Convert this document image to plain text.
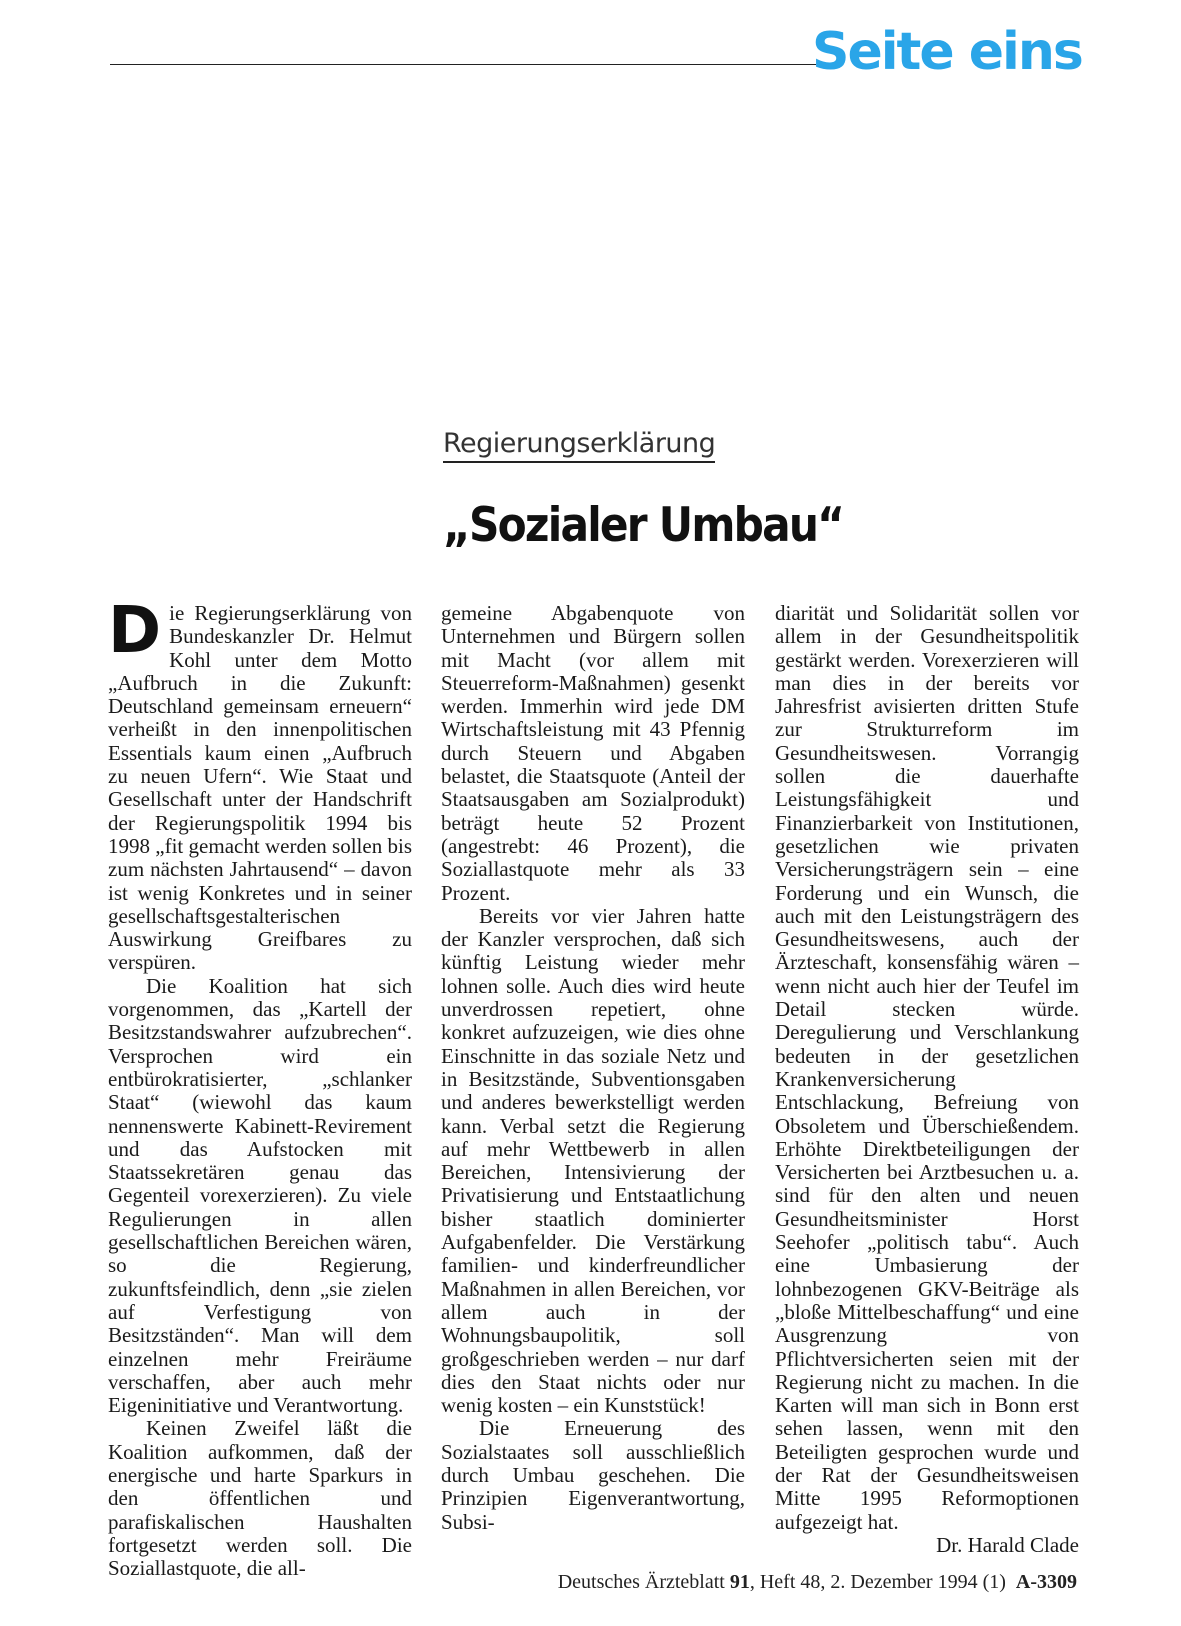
Seite eins
Regierungserklärung
„Sozialer Umbau“

Die Regierungserklärung von Bundeskanzler Dr. Helmut Kohl unter dem Motto „Aufbruch in die Zukunft: Deutschland gemeinsam erneuern“ verheißt in den innenpolitischen Essentials kaum einen „Aufbruch zu neuen Ufern“. Wie Staat und Gesellschaft unter der Handschrift der Regierungspolitik 1994 bis 1998 „fit gemacht werden sollen bis zum nächsten Jahrtausend“ – davon ist wenig Konkretes und in seiner gesellschaftsgestalterischen Auswirkung Greifbares zu verspüren.

Die Koalition hat sich vorgenommen, das „Kartell der Besitzstandswahrer aufzubrechen“. Versprochen wird ein entbürokratisierter, „schlanker Staat“ (wiewohl das kaum nennenswerte Kabinett-Revirement und das Aufstocken mit Staatssekretären genau das Gegenteil vorexerzieren). Zu viele Regulierungen in allen gesellschaftlichen Bereichen wären, so die Regierung, zukunftsfeindlich, denn „sie zielen auf Verfestigung von Besitzständen“. Man will dem einzelnen mehr Freiräume verschaffen, aber auch mehr Eigeninitiative und Verantwortung.

Keinen Zweifel läßt die Koalition aufkommen, daß der energische und harte Sparkurs in den öffentlichen und parafiskalischen Haushalten fortgesetzt werden soll. Die Soziallastquote, die all-

gemeine Abgabenquote von Unternehmen und Bürgern sollen mit Macht (vor allem mit Steuerreform-Maßnahmen) gesenkt werden. Immerhin wird jede DM Wirtschaftsleistung mit 43 Pfennig durch Steuern und Abgaben belastet, die Staatsquote (Anteil der Staatsausgaben am Sozialprodukt) beträgt heute 52 Prozent (angestrebt: 46 Prozent), die Soziallastquote mehr als 33 Prozent.

Bereits vor vier Jahren hatte der Kanzler versprochen, daß sich künftig Leistung wieder mehr lohnen solle. Auch dies wird heute unverdrossen repetiert, ohne konkret aufzuzeigen, wie dies ohne Einschnitte in das soziale Netz und in Besitzstände, Subventionsgaben und anderes bewerkstelligt werden kann. Verbal setzt die Regierung auf mehr Wettbewerb in allen Bereichen, Intensivierung der Privatisierung und Entstaatlichung bisher staatlich dominierter Aufgabenfelder. Die Verstärkung familien- und kinderfreundlicher Maßnahmen in allen Bereichen, vor allem auch in der Wohnungsbaupolitik, soll großgeschrieben werden – nur darf dies den Staat nichts oder nur wenig kosten – ein Kunststück!

Die Erneuerung des Sozialstaates soll ausschließlich durch Umbau geschehen. Die Prinzipien Eigenverantwortung, Subsi-

diarität und Solidarität sollen vor allem in der Gesundheitspolitik gestärkt werden. Vorexerzieren will man dies in der bereits vor Jahresfrist avisierten dritten Stufe zur Strukturreform im Gesundheitswesen. Vorrangig sollen die dauerhafte Leistungsfähigkeit und Finanzierbarkeit von Institutionen, gesetzlichen wie privaten Versicherungsträgern sein – eine Forderung und ein Wunsch, die auch mit den Leistungsträgern des Gesundheitswesens, auch der Ärzteschaft, konsensfähig wären – wenn nicht auch hier der Teufel im Detail stecken würde. Deregulierung und Verschlankung bedeuten in der gesetzlichen Krankenversicherung Entschlackung, Befreiung von Obsoletem und Überschießendem. Erhöhte Direktbeteiligungen der Versicherten bei Arztbesuchen u. a. sind für den alten und neuen Gesundheitsminister Horst Seehofer „politisch tabu“. Auch eine Umbasierung der lohnbezogenen GKV-Beiträge als „bloße Mittelbeschaffung“ und eine Ausgrenzung von Pflichtversicherten seien mit der Regierung nicht zu machen. In die Karten will man sich in Bonn erst sehen lassen, wenn mit den Beteiligten gesprochen wurde und der Rat der Gesundheitsweisen Mitte 1995 Reformoptionen aufgezeigt hat.

Dr. Harald Clade

Deutsches Ärzteblatt 91, Heft 48, 2. Dezember 1994 (1) A-3309
